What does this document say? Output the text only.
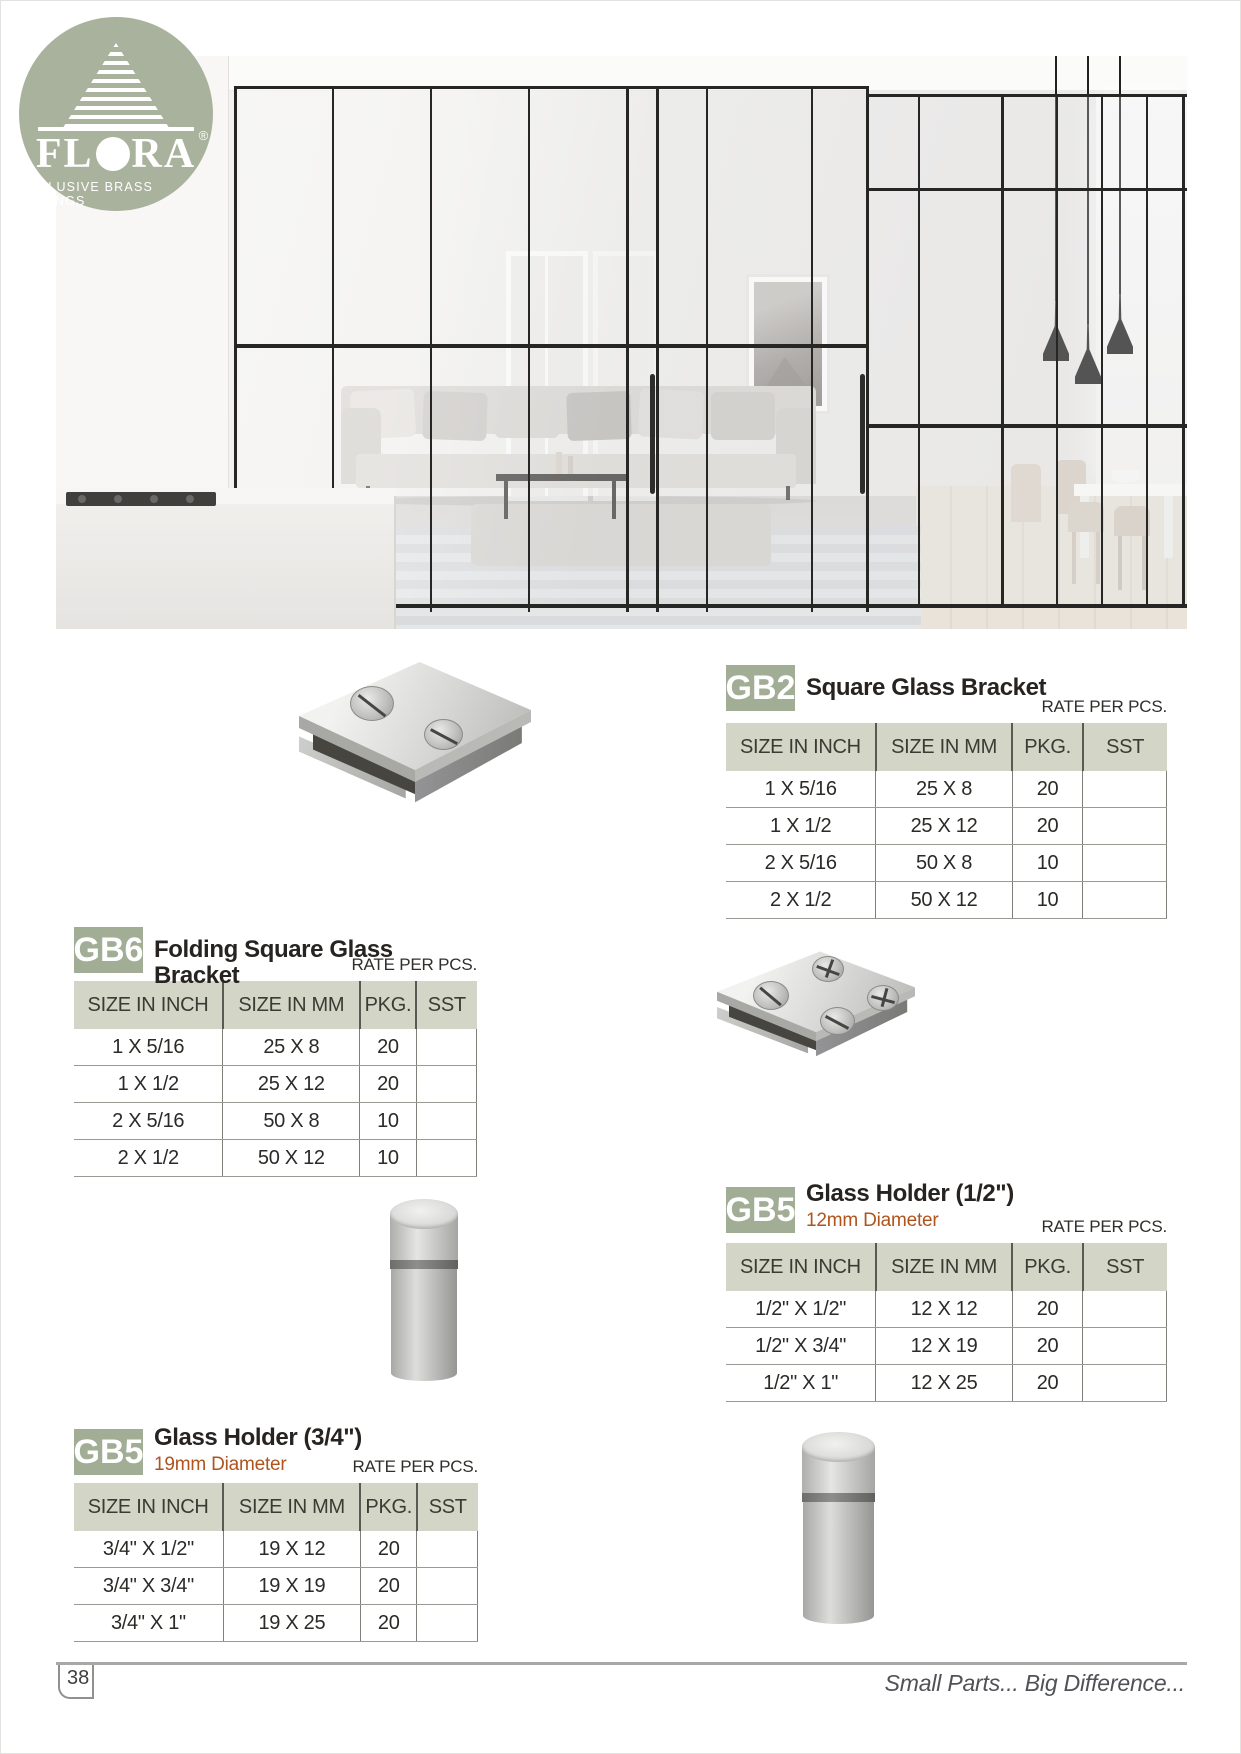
FL RA ®
EXCLUSIVE BRASS FITTINGS
GB2 Square Glass Bracket
RATE PER PCS.
SIZE IN INCH	SIZE IN MM	PKG.	SST
1 X 5/16	25 X 8	20	
1 X 1/2	25 X 12	20	
2 X 5/16	50 X 8	10	
2 X 1/2	50 X 12	10	
GB6 Folding Square Glass Bracket	RATE PER PCS.
SIZE IN INCH	SIZE IN MM	PKG.	SST
1 X 5/16	25 X 8	20	
1 X 1/2	25 X 12	20	
2 X 5/16	50 X 8	10	
2 X 1/2	50 X 12	10	
GB5 Glass Holder (1/2")
12mm Diameter	RATE PER PCS.
SIZE IN INCH	SIZE IN MM	PKG.	SST
1/2" X 1/2"	12 X 12	20	
1/2" X 3/4"	12 X 19	20	
1/2" X 1"	12 X 25	20	
GB5 Glass Holder (3/4")
19mm Diameter	RATE PER PCS.
SIZE IN INCH	SIZE IN MM	PKG.	SST
3/4" X 1/2"	19 X 12	20	
3/4" X 3/4"	19 X 19	20	
3/4" X 1"	19 X 25	20	
38	Small Parts... Big Difference...
